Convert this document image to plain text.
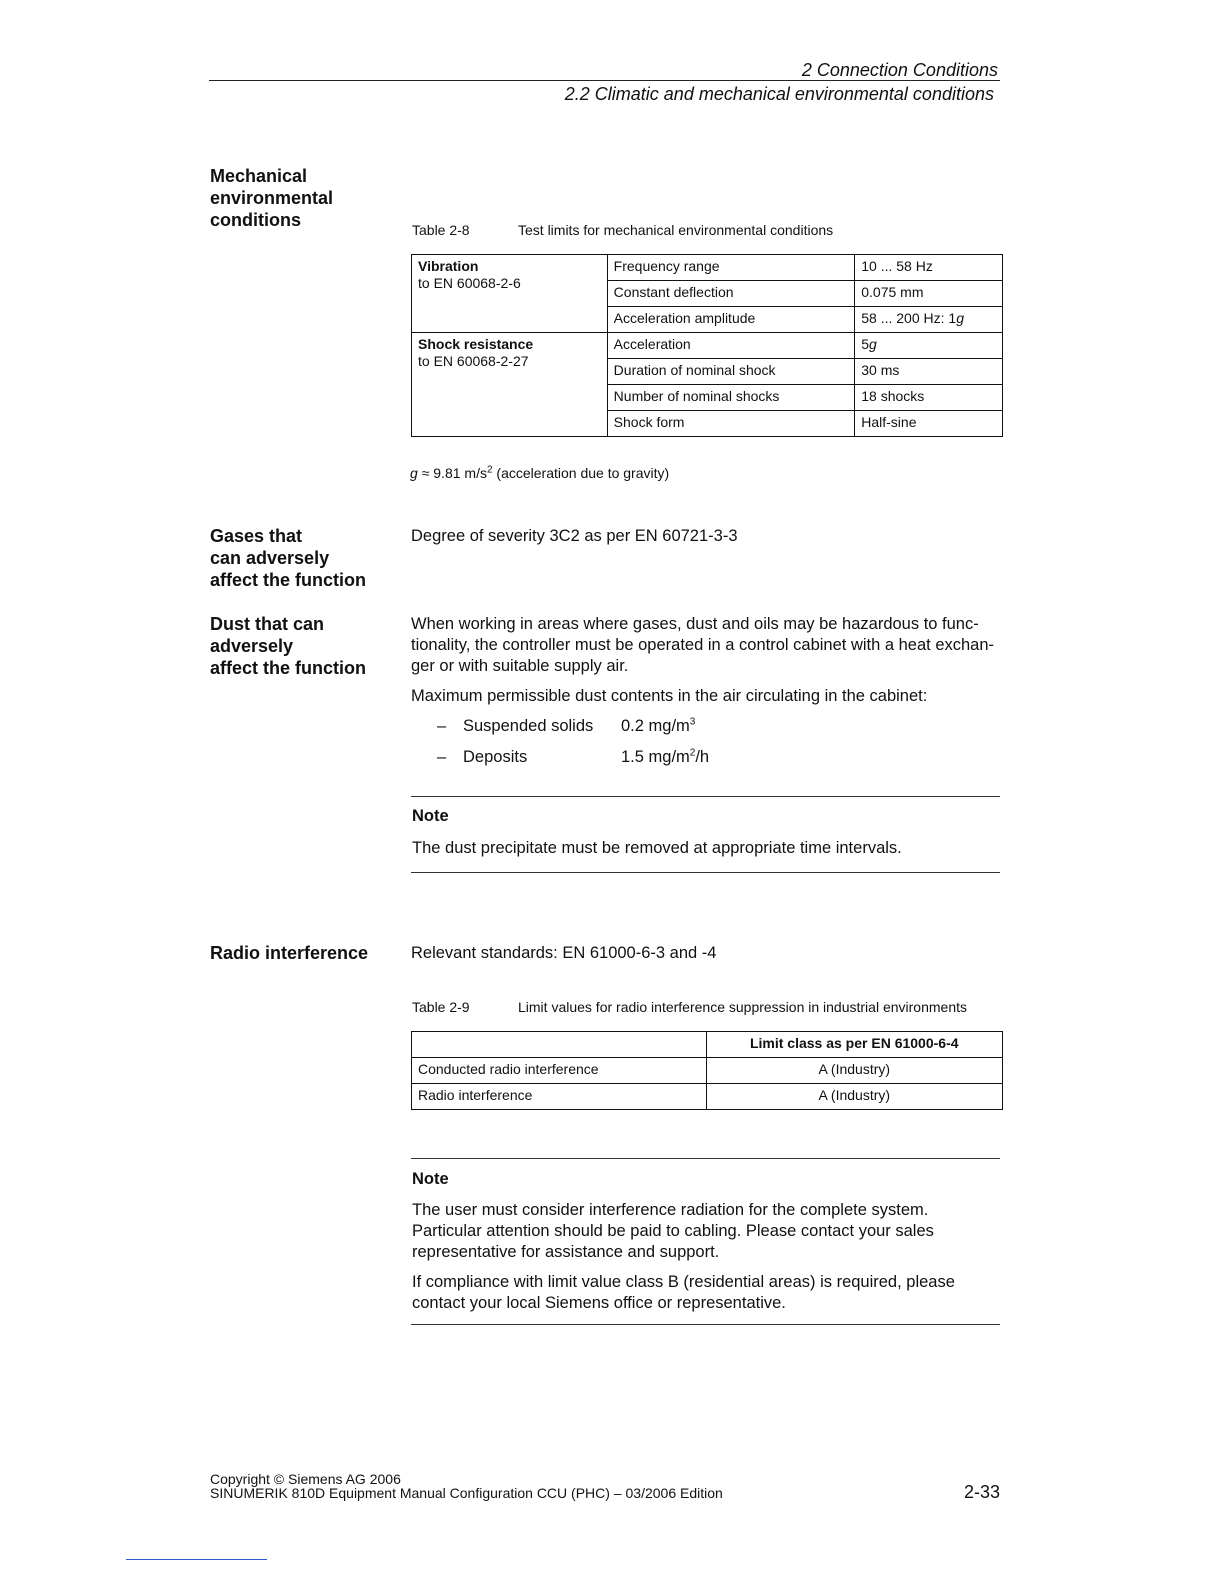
2 Connection Conditions
2.2 Climatic and mechanical environmental conditions
Mechanical
environmental
conditions	Table 2-8	Test limits for mechanical environmental conditions
Vibration
to EN 60068-2-6	Frequency range	10 ... 58 Hz
	Constant deflection	0.075 mm
	Acceleration amplitude	58 ... 200 Hz: 1g

Shock resistance
to EN 60068-2-27	Acceleration	5g
	Duration of nominal shock	30 ms
	Number of nominal shocks	18 shocks
	Shock form	Half-sine
g ≈ 9.81 $m/s^2$ (acceleration due to gravity)
Gases that
can adversely
affect the function
Degree of severity 3C2 as per EN 60721-3-3
Dust that can
adversely
affect the function
When working in areas where gases, dust and oils may be hazardous to func-
tionality, the controller must be operated in a control cabinet with a heat exchan-
ger or with suitable supply air.
Maximum permissible dust contents in the air circulating in the cabinet:
– Suspended solids 0.2 $mg/m^3$
– Deposits	1.5 $mg/m^2/h$
Note
The dust precipitate must be removed at appropriate time intervals.
Radio interference	Relevant standards: EN 61000-6-3 and -4
Table 2-9	Limit values for radio interference suppression in industrial environments
	Limit class as per EN 61000-6-4
Conducted radio interference	A (Industry)
Radio interference	A (Industry)
Note
The user must consider interference radiation for the complete system.
Particular attention should be paid to cabling. Please contact your sales
representative for assistance and support.
If compliance with limit value class B (residential areas) is required, please
contact your local Siemens office or representative.
Copyright © Siemens AG 2006
SINUMERIK 810D Equipment Manual Configuration CCU (PHC) – 03/2006 Edition	2-33
